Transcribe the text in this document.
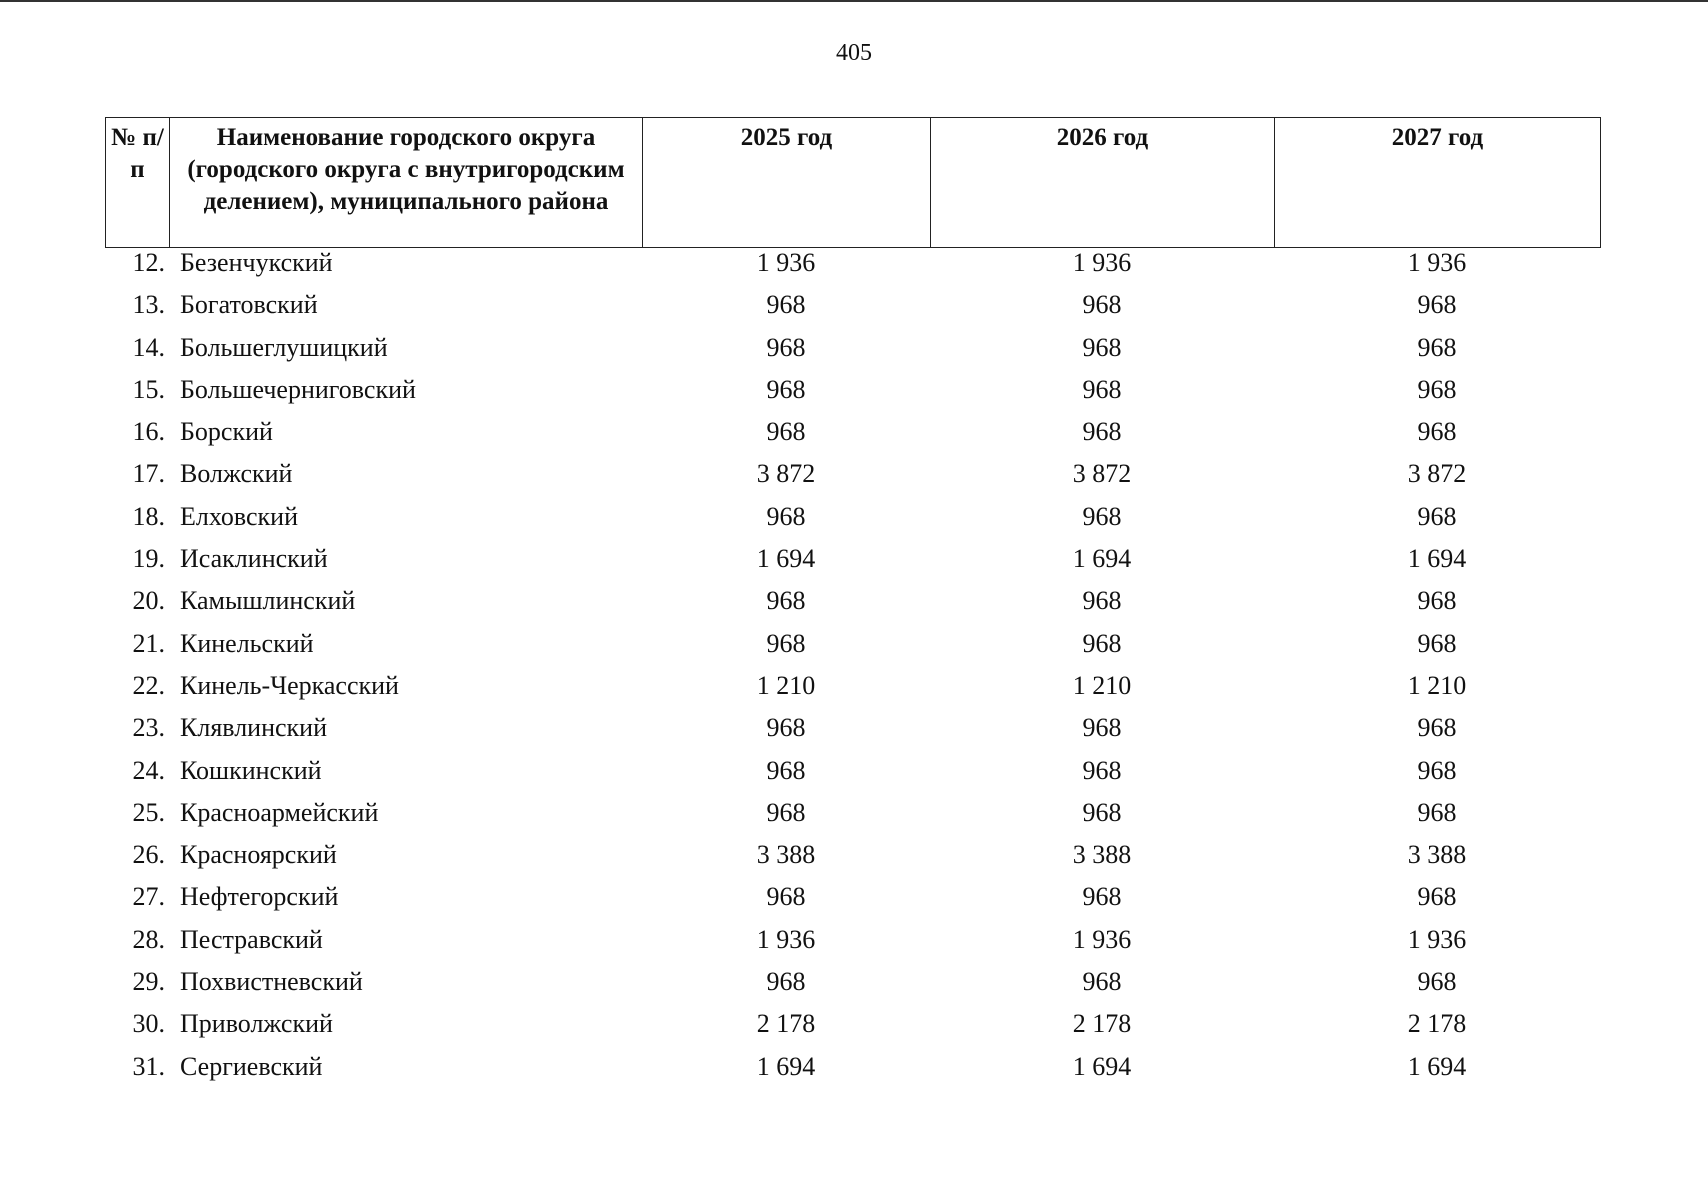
405
№ п/п	Наименование городского округа (городского округа с внутригородским делением), муниципального района	2025 год	2026 год	2027 год
12. Безенчукский	1 936	1 936	1 936
13. Богатовский	968	968	968
14. Большеглушицкий	968	968	968
15. Большечерниговский	968	968	968
16. Борский	968	968	968
17. Волжский	3 872	3 872	3 872
18. Елховский	968	968	968
19. Исаклинский	1 694	1 694	1 694
20. Камышлинский	968	968	968
21. Кинельский	968	968	968
22. Кинель-Черкасский	1 210	1 210	1 210
23. Клявлинский	968	968	968
24. Кошкинский	968	968	968
25. Красноармейский	968	968	968
26. Красноярский	3 388	3 388	3 388
27. Нефтегорский	968	968	968
28. Пестравский	1 936	1 936	1 936
29. Похвистневский	968	968	968
30. Приволжский	2 178	2 178	2 178
31. Сергиевский	1 694	1 694	1 694
